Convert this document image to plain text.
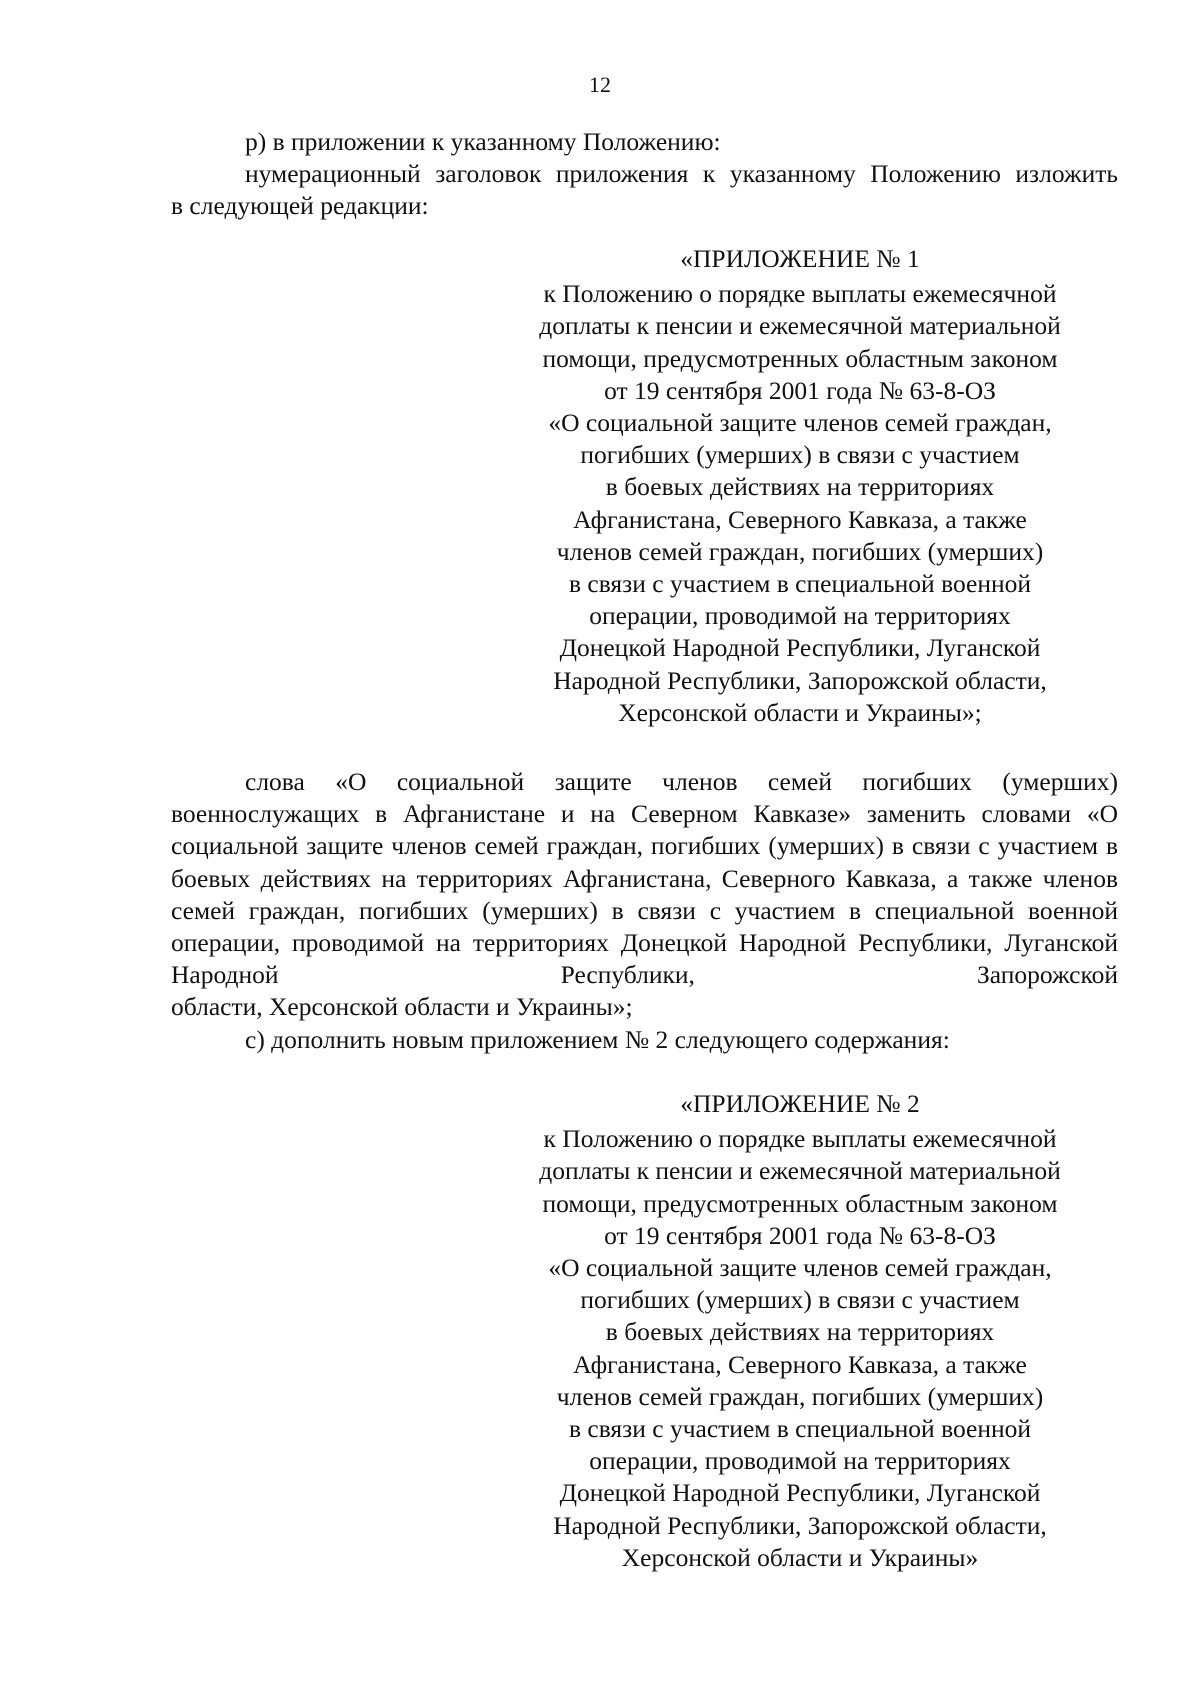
12

р) в приложении к указанному Положению:

нумерационный заголовок приложения к указанному Положению изложить

в следующей редакции:

«ПРИЛОЖЕНИЕ № 1

к Положению о порядке выплаты ежемесячной

доплаты к пенсии и ежемесячной материальной

помощи, предусмотренных областным законом

от 19 сентября 2001 года № 63-8-ОЗ

«О социальной защите членов семей граждан,

погибших (умерших) в связи с участием

в боевых действиях на территориях

Афганистана, Северного Кавказа, а также

членов семей граждан, погибших (умерших)

в связи с участием в специальной военной

операции, проводимой на территориях

Донецкой Народной Республики, Луганской

Народной Республики, Запорожской области,

Херсонской области и Украины»;

слова «О социальной защите членов семей погибших (умерших) военнослужащих в Афганистане и на Северном Кавказе» заменить словами «О социальной защите членов семей граждан, погибших (умерших) в связи с участием в боевых действиях на территориях Афганистана, Северного Кавказа, а также членов семей граждан, погибших (умерших) в связи с участием в специальной военной операции, проводимой на территориях Донецкой Народной Республики, Луганской Народной Республики, Запорожской

области, Херсонской области и Украины»;

с) дополнить новым приложением № 2 следующего содержания:

«ПРИЛОЖЕНИЕ № 2

к Положению о порядке выплаты ежемесячной

доплаты к пенсии и ежемесячной материальной

помощи, предусмотренных областным законом

от 19 сентября 2001 года № 63-8-ОЗ

«О социальной защите членов семей граждан,

погибших (умерших) в связи с участием

в боевых действиях на территориях

Афганистана, Северного Кавказа, а также

членов семей граждан, погибших (умерших)

в связи с участием в специальной военной

операции, проводимой на территориях

Донецкой Народной Республики, Луганской

Народной Республики, Запорожской области,

Херсонской области и Украины»
